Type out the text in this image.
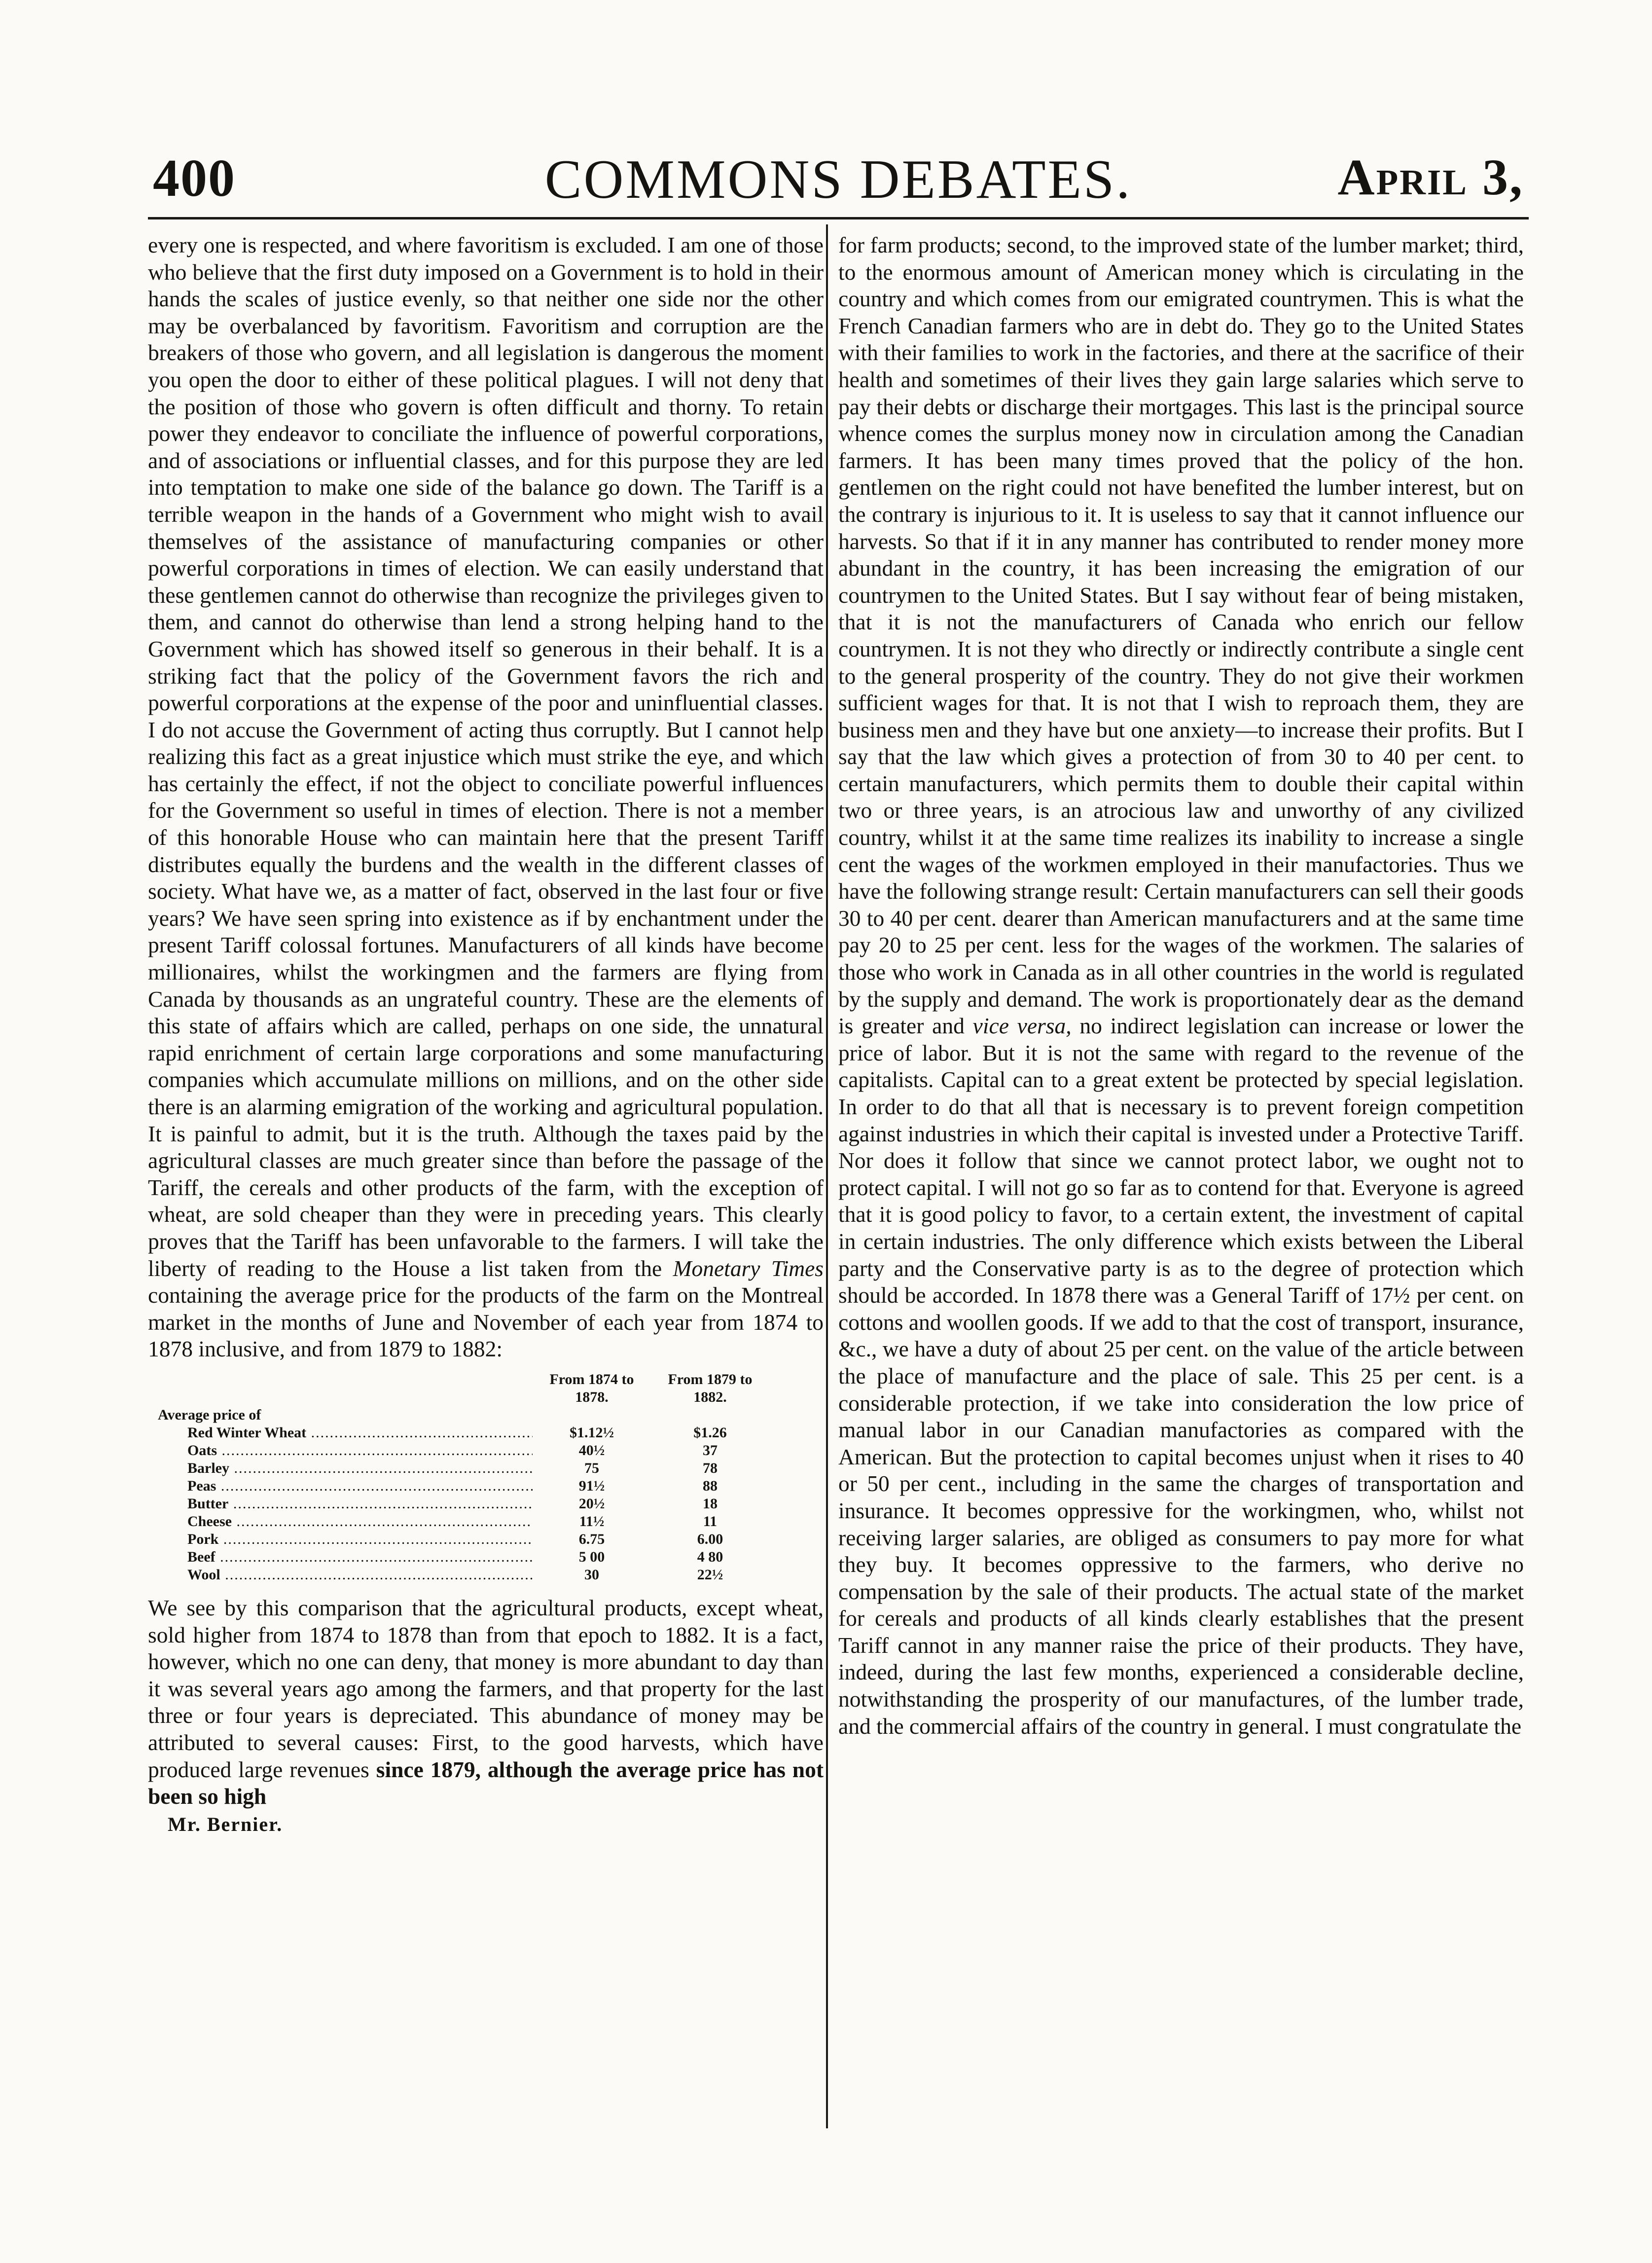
COMMONS DEBATES.
400	April 3,

every one is respected, and where favoritism is excluded. I am one of those who believe that the first duty imposed on a Government is to hold in their hands the scales of justice evenly, so that neither one side nor the other may be overbalanced by favoritism. Favoritism and corruption are the breakers of those who govern, and all legislation is dangerous the moment you open the door to either of these political plagues. I will not deny that the position of those who govern is often difficult and thorny. To retain power they endeavor to conciliate the influence of powerful corporations, and of associations or influential classes, and for this purpose they are led into temptation to make one side of the balance go down. The Tariff is a terrible weapon in the hands of a Government who might wish to avail themselves of the assistance of manufacturing companies or other powerful corporations in times of election. We can easily understand that these gentlemen cannot do otherwise than recognize the privileges given to them, and cannot do otherwise than lend a strong helping hand to the Government which has showed itself so generous in their behalf. It is a striking fact that the policy of the Government favors the rich and powerful corporations at the expense of the poor and uninfluential classes. I do not accuse the Government of acting thus corruptly. But I cannot help realizing this fact as a great injustice which must strike the eye, and which has certainly the effect, if not the object to conciliate powerful influences for the Government so useful in times of election. There is not a member of this honorable House who can maintain here that the present Tariff distributes equally the burdens and the wealth in the different classes of society. What have we, as a matter of fact, observed in the last four or five years? We have seen spring into existence as if by enchantment under the present Tariff colossal fortunes. Manufacturers of all kinds have become millionaires, whilst the workingmen and the farmers are flying from Canada by thousands as an ungrateful country. These are the elements of this state of affairs which are called, perhaps on one side, the unnatural rapid enrichment of certain large corporations and some manufacturing companies which accumulate millions on millions, and on the other side there is an alarming emigration of the working and agricultural population. It is painful to admit, but it is the truth. Although the taxes paid by the agricultural classes are much greater since than before the passage of the Tariff, the cereals and other products of the farm, with the exception of wheat, are sold cheaper than they were in preceding years. This clearly proves that the Tariff has been unfavorable to the farmers. I will take the liberty of reading to the House a list taken from the Monetary Times containing the average price for the products of the farm on the Montreal market in the months of June and November of each year from 1874 to 1878 inclusive, and from 1879 to 1882:

From 1874 to 1878.
From 1879 to 1882.
Average price of
Red Winter Wheat .....	$1.12½	$1.26
Oats .....	40½	37
Barley .....	75	78
Peas .....	91½	88
Butter .....	20½	18
Cheese .....	11½	11
Pork .....	6.75	6.00
Beef .....	5 00	4 80
Wool .....	30	22½

We see by this comparison that the agricultural products, except wheat, sold higher from 1874 to 1878 than from that epoch to 1882. It is a fact, however, which no one can deny, that money is more abundant to day than it was several years ago among the farmers, and that property for the last three or four years is depreciated. This abundance of money may be attributed to several causes: First, to the good harvests, which have produced large revenues since 1879, although the average price has not been so high

Mr. Bernier.

for farm products; second, to the improved state of the lumber market; third, to the enormous amount of American money which is circulating in the country and which comes from our emigrated countrymen. This is what the French Canadian farmers who are in debt do. They go to the United States with their families to work in the factories, and there at the sacrifice of their health and sometimes of their lives they gain large salaries which serve to pay their debts or discharge their mortgages. This last is the principal source whence comes the surplus money now in circulation among the Canadian farmers. It has been many times proved that the policy of the hon. gentlemen on the right could not have benefited the lumber interest, but on the contrary is injurious to it. It is useless to say that it cannot influence our harvests. So that if it in any manner has contributed to render money more abundant in the country, it has been increasing the emigration of our countrymen to the United States. But I say without fear of being mistaken, that it is not the manufacturers of Canada who enrich our fellow countrymen. It is not they who directly or indirectly contribute a single cent to the general prosperity of the country. They do not give their workmen sufficient wages for that. It is not that I wish to reproach them, they are business men and they have but one anxiety—to increase their profits. But I say that the law which gives a protection of from 30 to 40 per cent. to certain manufacturers, which permits them to double their capital within two or three years, is an atrocious law and unworthy of any civilized country, whilst it at the same time realizes its inability to increase a single cent the wages of the workmen employed in their manufactories. Thus we have the following strange result: Certain manufacturers can sell their goods 30 to 40 per cent. dearer than American manufacturers and at the same time pay 20 to 25 per cent. less for the wages of the workmen. The salaries of those who work in Canada as in all other countries in the world is regulated by the supply and demand. The work is proportionately dear as the demand is greater and vice versa, no indirect legislation can increase or lower the price of labor. But it is not the same with regard to the revenue of the capitalists. Capital can to a great extent be protected by special legislation. In order to do that all that is necessary is to prevent foreign competition against industries in which their capital is invested under a Protective Tariff. Nor does it follow that since we cannot protect labor, we ought not to protect capital. I will not go so far as to contend for that. Everyone is agreed that it is good policy to favor, to a certain extent, the investment of capital in certain industries. The only difference which exists between the Liberal party and the Conservative party is as to the degree of protection which should be accorded. In 1878 there was a General Tariff of 17½ per cent. on cottons and woollen goods. If we add to that the cost of transport, insurance, &c., we have a duty of about 25 per cent. on the value of the article between the place of manufacture and the place of sale. This 25 per cent. is a considerable protection, if we take into consideration the low price of manual labor in our Canadian manufactories as compared with the American. But the protection to capital becomes unjust when it rises to 40 or 50 per cent., including in the same the charges of transportation and insurance. It becomes oppressive for the workingmen, who, whilst not receiving larger salaries, are obliged as consumers to pay more for what they buy. It becomes oppressive to the farmers, who derive no compensation by the sale of their products. The actual state of the market for cereals and products of all kinds clearly establishes that the present Tariff cannot in any manner raise the price of their products. They have, indeed, during the last few months, experienced a considerable decline, notwithstanding the prosperity of our manufactures, of the lumber trade, and the commercial affairs of the country in general. I must congratulate the
